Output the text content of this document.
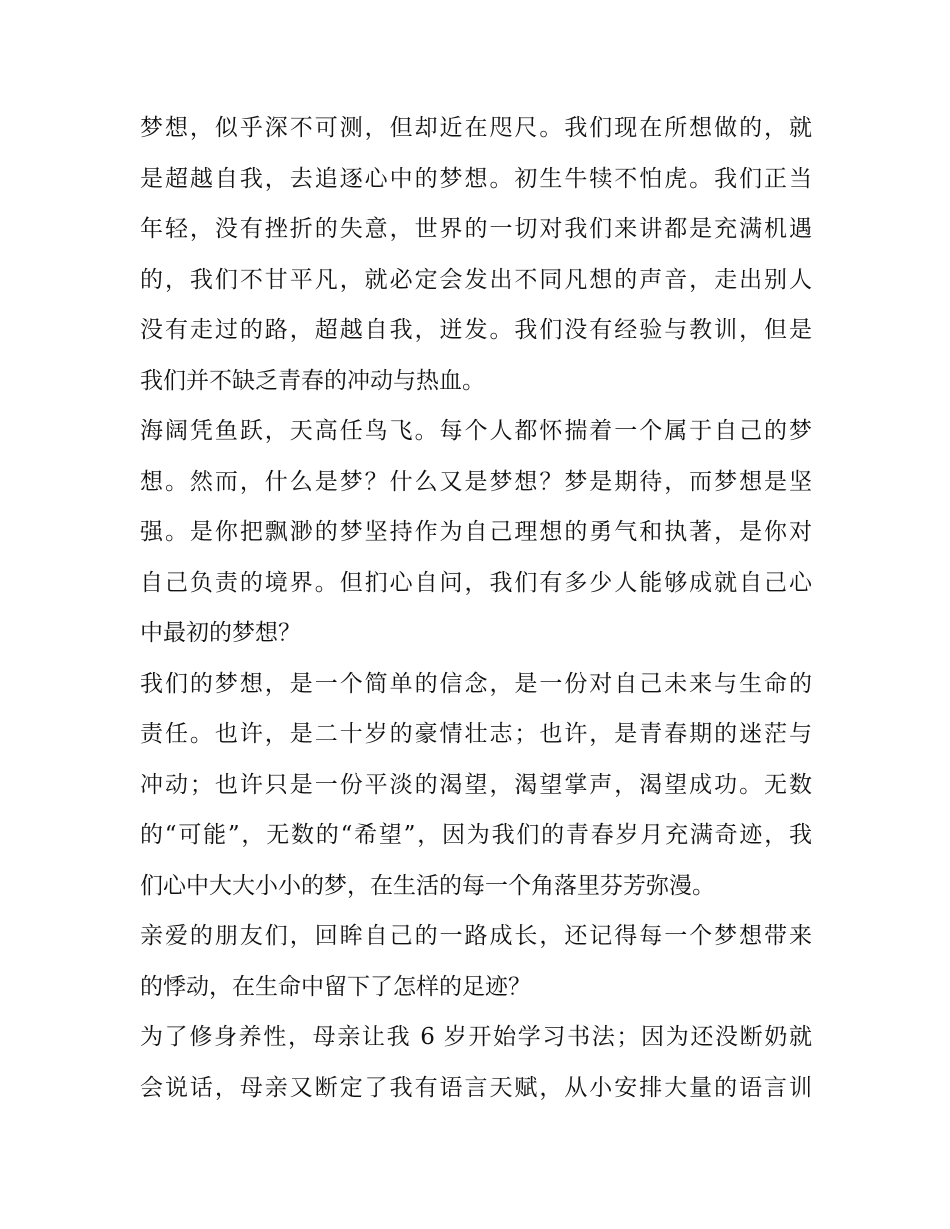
梦想，似乎深不可测，但却近在咫尺。我们现在所想做的，就
是超越自我，去追逐心中的梦想。初生牛犊不怕虎。我们正当
年轻，没有挫折的失意，世界的一切对我们来讲都是充满机遇
的，我们不甘平凡，就必定会发出不同凡想的声音，走出别人
没有走过的路，超越自我，迸发。我们没有经验与教训，但是
我们并不缺乏青春的冲动与热血。
海阔凭鱼跃，天高任鸟飞。每个人都怀揣着一个属于自己的梦
想。然而，什么是梦？什么又是梦想？梦是期待，而梦想是坚
强。是你把飘渺的梦坚持作为自己理想的勇气和执著，是你对
自己负责的境界。但扪心自问，我们有多少人能够成就自己心
中最初的梦想？
我们的梦想，是一个简单的信念，是一份对自己未来与生命的
责任。也许，是二十岁的豪情壮志；也许，是青春期的迷茫与
冲动；也许只是一份平淡的渴望，渴望掌声，渴望成功。无数
的“可能”，无数的“希望”，因为我们的青春岁月充满奇迹，我
们心中大大小小的梦，在生活的每一个角落里芬芳弥漫。
亲爱的朋友们，回眸自己的一路成长，还记得每一个梦想带来
的悸动，在生命中留下了怎样的足迹？
为了修身养性，母亲让我 6 岁开始学习书法；因为还没断奶就
会说话，母亲又断定了我有语言天赋，从小安排大量的语言训
